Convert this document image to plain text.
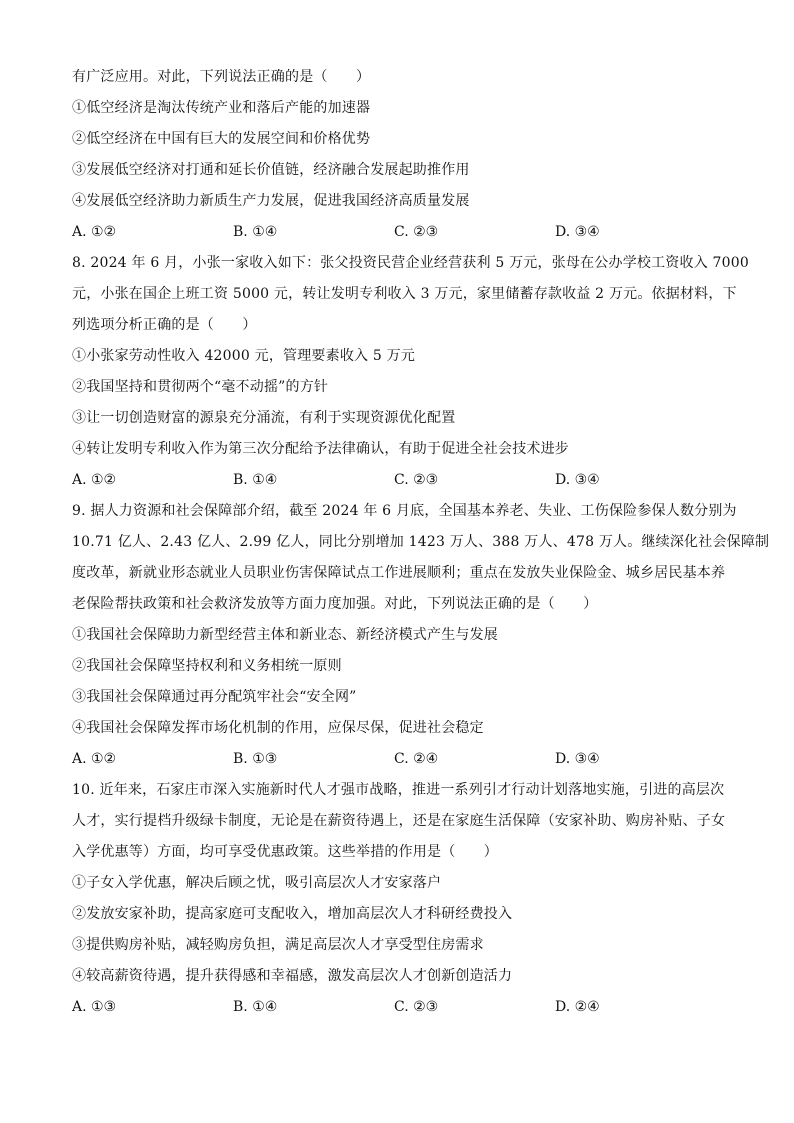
有广泛应用。对此，下列说法正确的是（　　）
①低空经济是淘汰传统产业和落后产能的加速器
②低空经济在中国有巨大的发展空间和价格优势
③发展低空经济对打通和延长价值链，经济融合发展起助推作用
④发展低空经济助力新质生产力发展，促进我国经济高质量发展
A. ①②	B. ①④	C. ②③	D. ③④
8. 2024 年 6 月，小张一家收入如下：张父投资民营企业经营获利 5 万元，张母在公办学校工资收入 7000
元，小张在国企上班工资 5000 元，转让发明专利收入 3 万元，家里储蓄存款收益 2 万元。依据材料，下
列选项分析正确的是（　　）
①小张家劳动性收入 42000 元，管理要素收入 5 万元
②我国坚持和贯彻两个“毫不动摇”的方针
③让一切创造财富的源泉充分涌流，有利于实现资源优化配置
④转让发明专利收入作为第三次分配给予法律确认，有助于促进全社会技术进步
A. ①②	B. ①④	C. ②③	D. ③④
9. 据人力资源和社会保障部介绍，截至 2024 年 6 月底，全国基本养老、失业、工伤保险参保人数分别为
10.71 亿人、2.43 亿人、2.99 亿人，同比分别增加 1423 万人、388 万人、478 万人。继续深化社会保障制
度改革，新就业形态就业人员职业伤害保障试点工作进展顺利；重点在发放失业保险金、城乡居民基本养
老保险帮扶政策和社会救济发放等方面力度加强。对此，下列说法正确的是（　　）
①我国社会保障助力新型经营主体和新业态、新经济模式产生与发展
②我国社会保障坚持权利和义务相统一原则
③我国社会保障通过再分配筑牢社会“安全网”
④我国社会保障发挥市场化机制的作用，应保尽保，促进社会稳定
A. ①②	B. ①③	C. ②④	D. ③④
10. 近年来，石家庄市深入实施新时代人才强市战略，推进一系列引才行动计划落地实施，引进的高层次
人才，实行提档升级绿卡制度，无论是在薪资待遇上，还是在家庭生活保障（安家补助、购房补贴、子女
入学优惠等）方面，均可享受优惠政策。这些举措的作用是（　　）
①子女入学优惠，解决后顾之忧，吸引高层次人才安家落户
②发放安家补助，提高家庭可支配收入，增加高层次人才科研经费投入
③提供购房补贴，减轻购房负担，满足高层次人才享受型住房需求
④较高薪资待遇，提升获得感和幸福感，激发高层次人才创新创造活力
A. ①③	B. ①④	C. ②③	D. ②④
